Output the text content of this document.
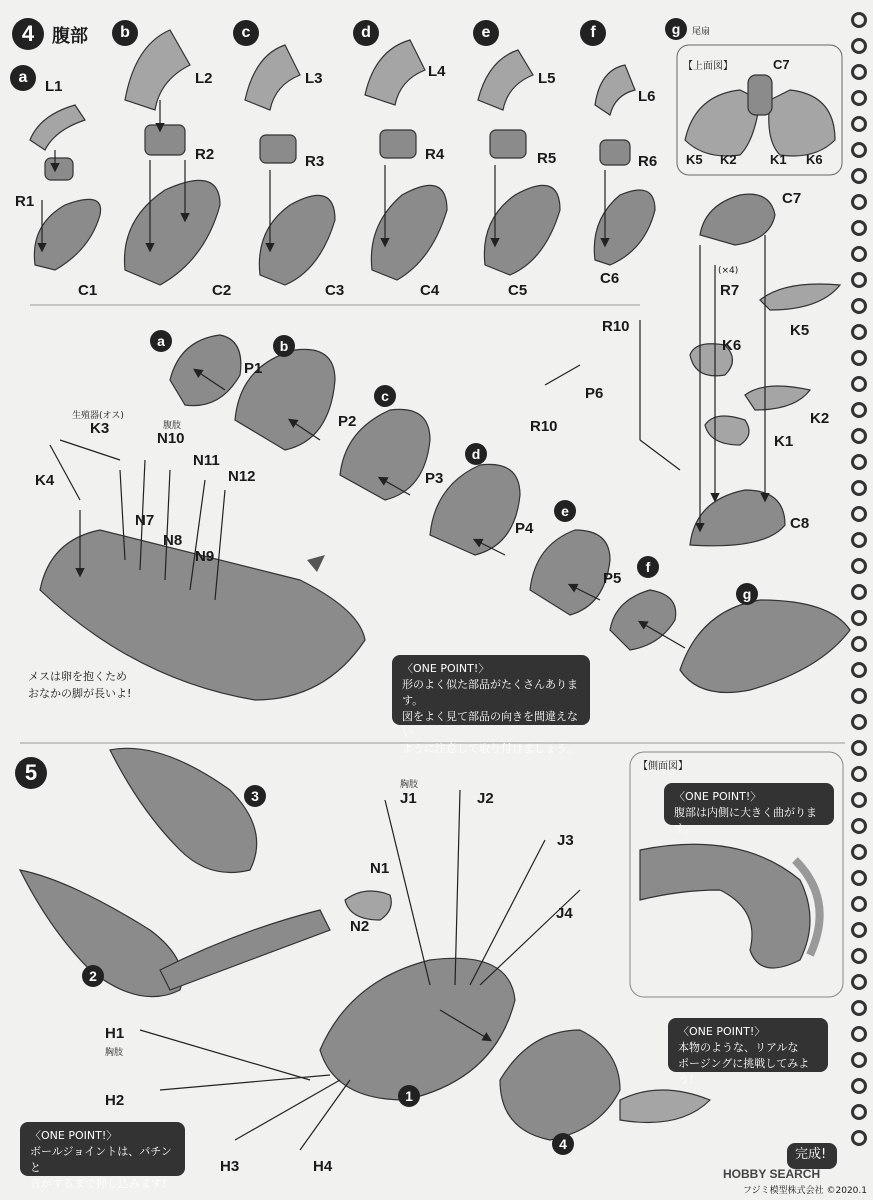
4 腹部
a
b	c	d	e	f	g	尾扇
L1
R1
C1
L2
R2
C2
L3
R3
C3
L4
R4
C4
L5
R5
C5
L6
R6
C6
【上面図】	C7
K5 K2	K1 K6
C7
R7
(×4)
K5
K6
K2
K1
C8
R10
P6
R10
P1
P2
P3
P4
P5
a	b
c
d
e
f
g
生殖器(オス)
腹肢
K3
K4
N10
N11
N12
N7
N8
N9
メスは卵を抱くため
おなかの脚が長いよ!
〈ONE POINT!〉
形のよく似た部品がたくさんあります。
図をよく見て部品の向きを間違えない
ように注意して取り付けましょう。
5
3
2
1
4
胸肢
J1	J2
J3
J4
N1
N2
H1
胸肢
H2
H3	H4
【側面図】
〈ONE POINT!〉
腹部は内側に大きく曲がります。
〈ONE POINT!〉
本物のような、リアルな
ポージングに挑戦してみよう!
〈ONE POINT!〉
ボールジョイントは、パチンと
音がするまで押し込みます!
完成!
フジミ模型株式会社 ©2020.1
HOBBY SEARCH
